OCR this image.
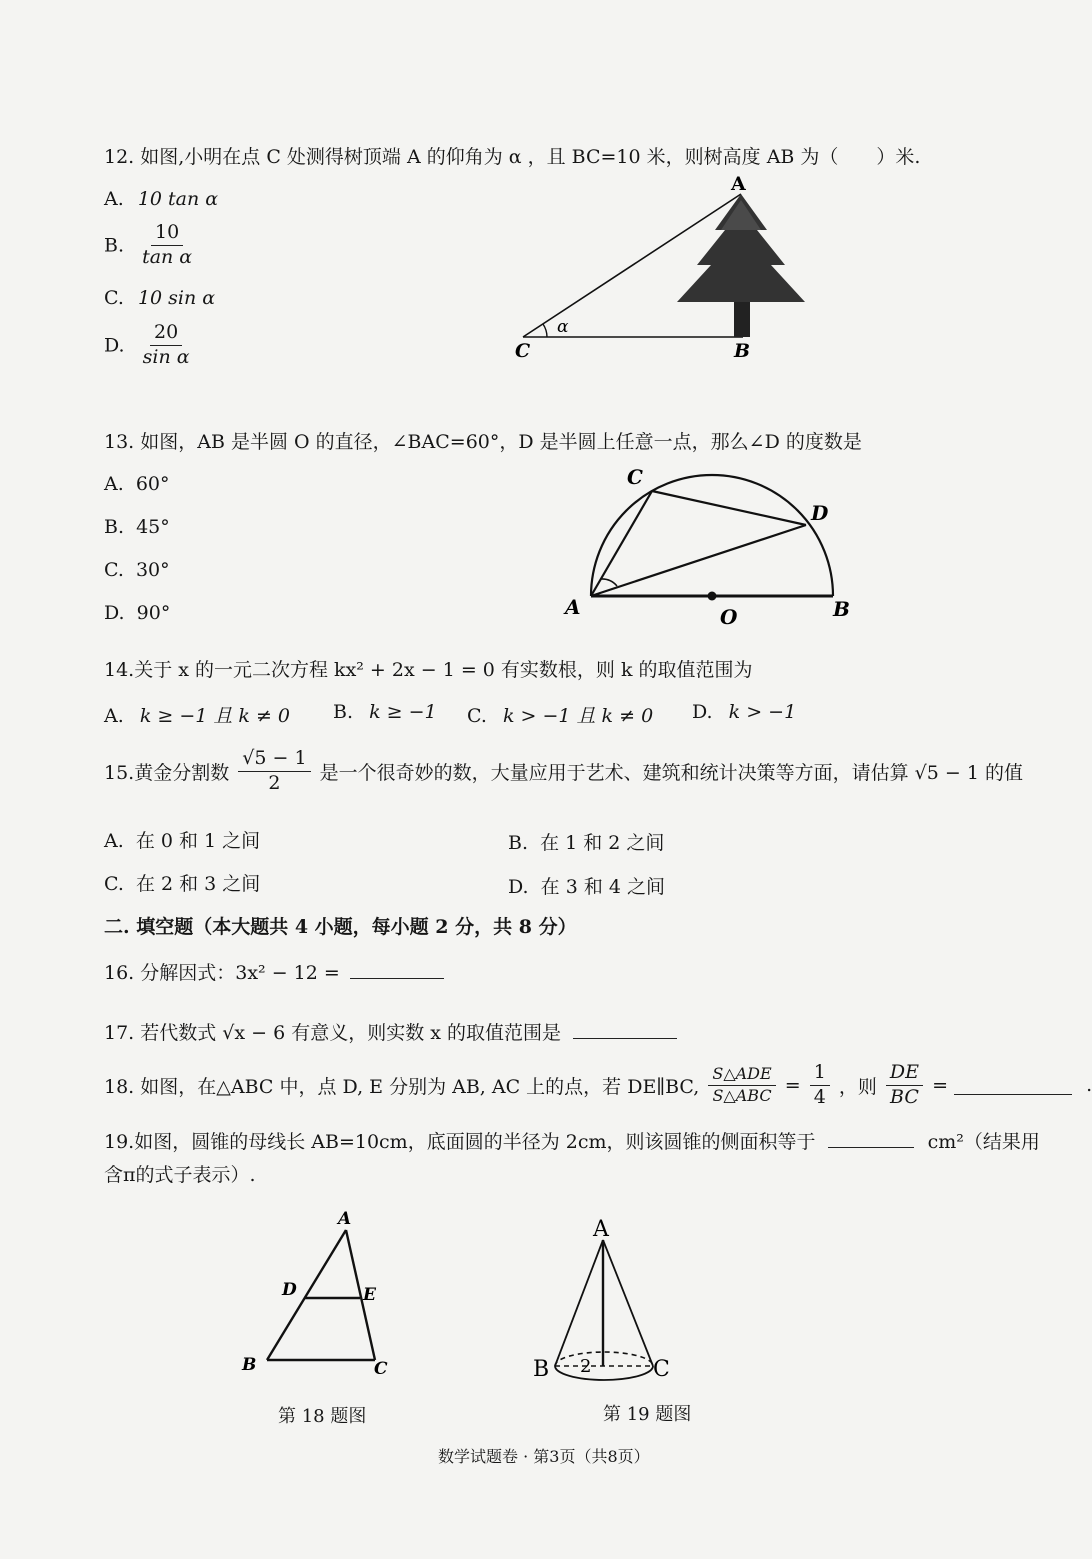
12. 如图,小明在点 C 处测得树顶端 A 的仰角为 α ，且 BC=10 米，则树高度 AB 为（　　）米.
A. 10 tan α
B. $\frac{10}{\text{tan α}}$
C. 10 sin α
D. $\frac{20}{\text{sin α}}$
A
B
C
α
13. 如图，AB 是半圆 O 的直径，∠BAC=60°，D 是半圆上任意一点，那么∠D 的度数是
A. 60°
B. 45°
C. 30°
D. 90°
C
D
A	O	B
14.关于 x 的一元二次方程 kx² + 2x − 1 = 0 有实数根，则 k 的取值范围为
A. k ≥ −1 且 k ≠ 0 B. k ≥ −1 C. k > −1 且 k ≠ 0 D. k > −1
15.黄金分割数 $\frac{√5 - 1}{2}$ 是一个很奇妙的数，大量应用于艺术、建筑和统计决策等方面，请估算 √5 − 1 的值
A. 在 0 和 1 之间	B. 在 1 和 2 之间
C. 在 2 和 3 之间	D. 在 3 和 4 之间
二. 填空题（本大题共 4 小题，每小题 2 分，共 8 分）
16. 分解因式：3x² − 12 =
17. 若代数式 √x − 6 有意义，则实数 x 的取值范围是
18. 如图，在△ABC 中，点 D, E 分别为 AB, AC 上的点，若 DE∥BC, $\frac{\text{S△ADE}}{\text{S△ABC}} = \frac{1}{4}$ ，则 $\frac{DE}{BC}$ =	.
19.如图，圆锥的母线长 AB=10cm，底面圆的半径为 2cm，则该圆锥的侧面积等于	cm²（结果用
含π的式子表示）.
A
D	E
B	C
第 18 题图
A
B	C
2
第 19 题图
数学试题卷 · 第3页（共8页）
